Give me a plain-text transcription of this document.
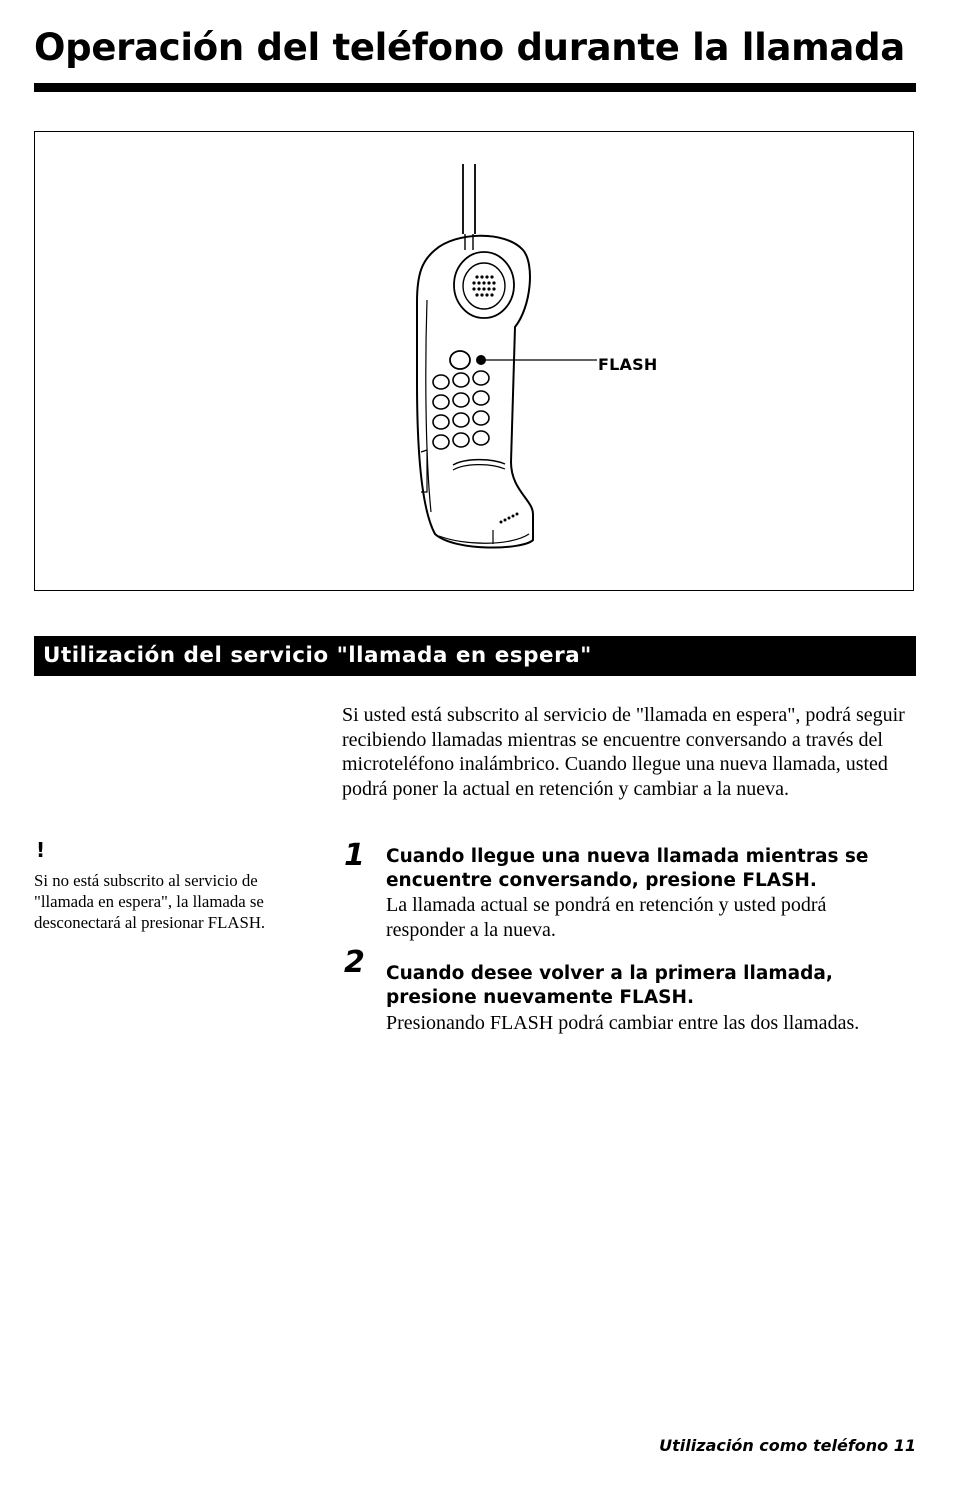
Operación del teléfono durante la llamada
FLASH
Utilización del servicio "llamada en espera"
!
Si no está subscrito al servicio de "llamada en espera", la llamada se desconectará al presionar FLASH.

Si usted está subscrito al servicio de "llamada en espera", podrá seguir recibiendo llamadas mientras se encuentre conversando a través del microteléfono inalámbrico. Cuando llegue una nueva llamada, usted podrá poner la actual en retención y cambiar a la nueva.

1 Cuando llegue una nueva llamada mientras se encuentre conversando, presione FLASH.
La llamada actual se pondrá en retención y usted podrá responder a la nueva.
2 Cuando desee volver a la primera llamada, presione nuevamente FLASH.
Presionando FLASH podrá cambiar entre las dos llamadas.
Utilización como teléfono 11
